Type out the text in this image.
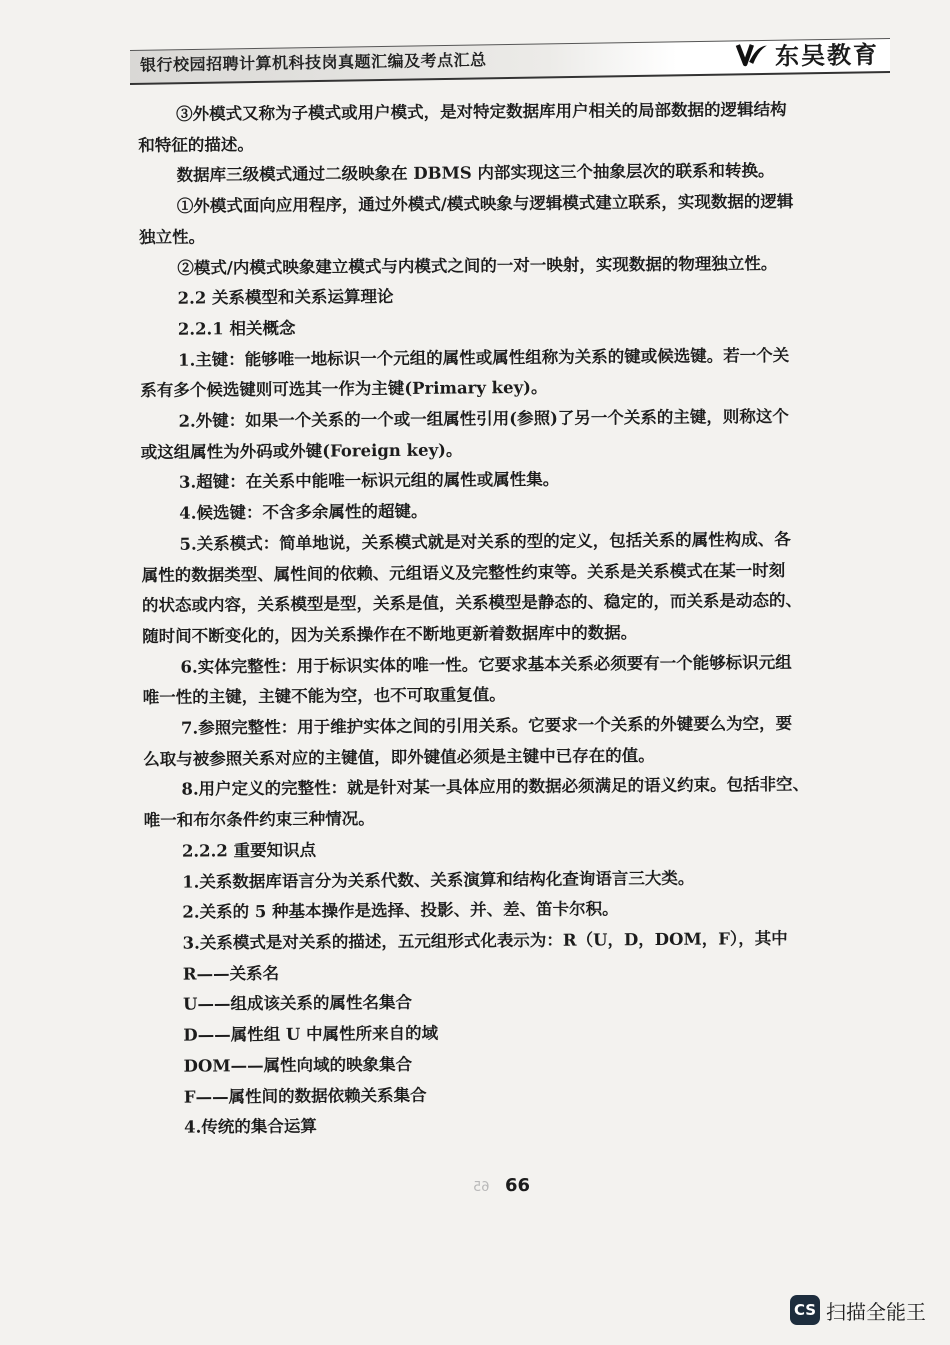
银行校园招聘计算机科技岗真题汇编及考点汇总	东吴教育
③外模式又称为子模式或用户模式，是对特定数据库用户相关的局部数据的逻辑结构
和特征的描述。
数据库三级模式通过二级映象在 DBMS 内部实现这三个抽象层次的联系和转换。
①外模式面向应用程序，通过外模式/模式映象与逻辑模式建立联系，实现数据的逻辑
独立性。
②模式/内模式映象建立模式与内模式之间的一对一映射，实现数据的物理独立性。
2.2 关系模型和关系运算理论
2.2.1 相关概念
1.主键：能够唯一地标识一个元组的属性或属性组称为关系的键或候选键。若一个关
系有多个候选键则可选其一作为主键(Primary key)。
2.外键：如果一个关系的一个或一组属性引用(参照)了另一个关系的主键，则称这个
或这组属性为外码或外键(Foreign key)。
3.超键：在关系中能唯一标识元组的属性或属性集。
4.候选键：不含多余属性的超键。
5.关系模式：简单地说，关系模式就是对关系的型的定义，包括关系的属性构成、各
属性的数据类型、属性间的依赖、元组语义及完整性约束等。关系是关系模式在某一时刻
的状态或内容，关系模型是型，关系是值，关系模型是静态的、稳定的，而关系是动态的、
随时间不断变化的，因为关系操作在不断地更新着数据库中的数据。
6.实体完整性：用于标识实体的唯一性。它要求基本关系必须要有一个能够标识元组
唯一性的主键，主键不能为空，也不可取重复值。
7.参照完整性：用于维护实体之间的引用关系。它要求一个关系的外键要么为空，要
么取与被参照关系对应的主键值，即外键值必须是主键中已存在的值。
8.用户定义的完整性：就是针对某一具体应用的数据必须满足的语义约束。包括非空、
唯一和布尔条件约束三种情况。
2.2.2 重要知识点
1.关系数据库语言分为关系代数、关系演算和结构化查询语言三大类。
2.关系的 5 种基本操作是选择、投影、并、差、笛卡尔积。
3.关系模式是对关系的描述，五元组形式化表示为：R（U，D，DOM，F），其中
R——关系名
U——组成该关系的属性名集合
D——属性组 U 中属性所来自的域
DOM——属性向域的映象集合
F——属性间的数据依赖关系集合
4.传统的集合运算
65 66
CS 扫描全能王
